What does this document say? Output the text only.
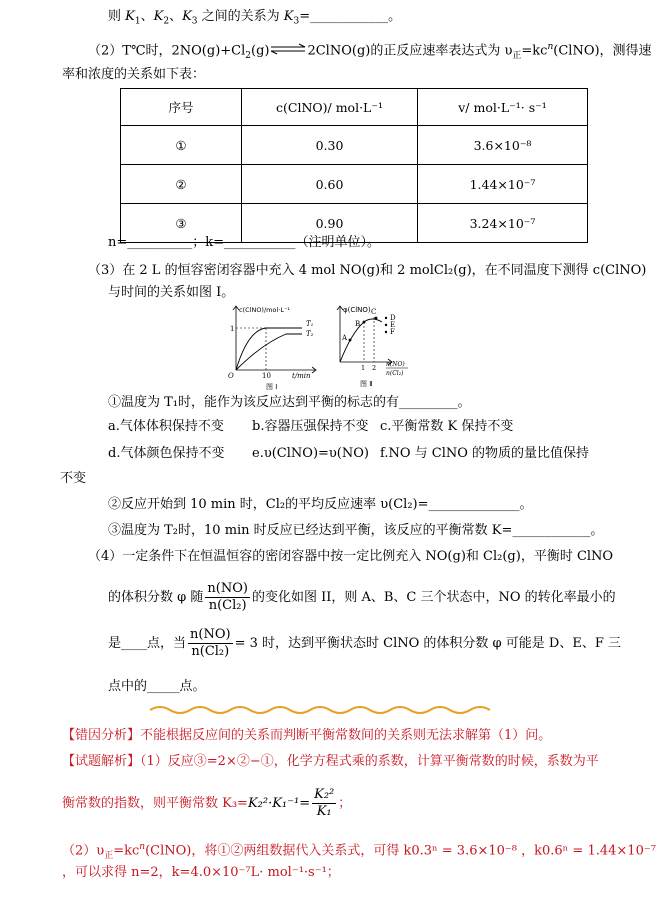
则 $K_1$、$K_2$、$K_3$ 之间的关系为 $K_3=\_\_\_\_\_\_\_\_\_\_\_\_$。
（2）T℃时，$2NO(g)+Cl_2(g)\rightleftharpoons 2ClNO(g)$的正反应速率表达式为 $\upsilon_正=kc^n(ClNO)$，测得速
率和浓度的关系如下表：
序号	c(ClNO)/ mol·L⁻¹	v/ mol·L⁻¹· s⁻¹
①	0.30	3.6×10⁻⁸
②	0.60	1.44×10⁻⁷
③	0.90	3.24×10⁻⁷
n=__________；k=___________（注明单位）。
（3）在 2 L 的恒容密闭容器中充入 4 mol NO(g)和 2 molCl₂(g)，在不同温度下测得 c(ClNO)
与时间的关系如图 I。
c(ClNO)/mol·L⁻¹
T₁
T₂
1
O	10	t/min
图 I
φ(ClNO)
A
B
C
D
E
F
1 2 n(NO)
n(Cl₂)
图 Ⅱ
①温度为 T₁时，能作为该反应达到平衡的标志的有_________。
a.气体体积保持不变 b.容器压强保持不变 c.平衡常数 K 保持不变
d.气体颜色保持不变 e.υ(ClNO)=υ(NO) f.NO 与 ClNO 的物质的量比值保持
不变
②反应开始到 10 min 时，Cl₂的平均反应速率 υ(Cl₂)=______________。
③温度为 T₂时，10 min 时反应已经达到平衡，该反应的平衡常数 K=____________。
（4）一定条件下在恒温恒容的密闭容器中按一定比例充入 NO(g)和 Cl₂(g)，平衡时 ClNO
的体积分数 φ 随 $\frac{n(NO)}{\text{n(Cl₂)}}$ 的变化如图 II，则 A、B、C 三个状态中，NO 的转化率最小的
是____点，当 $\frac{n(NO)}{\text{n(Cl₂)}} = 3$ 时，达到平衡状态时 ClNO 的体积分数 φ 可能是 D、E、F 三
点中的_____点。
【错因分析】不能根据反应间的关系而判断平衡常数间的关系则无法求解第（1）问。
【试题解析】（1）反应③=2×②−①，化学方程式乘的系数，计算平衡常数的时候，系数为平
衡常数的指数，则平衡常数 $K_3=K_2^2\cdot K_1^{-1}= \frac{\text{K₂²}}{\text{K₁}}$ ；
$(2)\upsilon_正=kc^n(ClNO)$，将①②两组数据代入关系式，可得 k0.3ⁿ = 3.6×10⁻⁸ ，k0.6ⁿ = 1.44×10⁻⁷
，可以求得 n=2，k=4.0×10⁻⁷L· mol⁻¹·s⁻¹；
